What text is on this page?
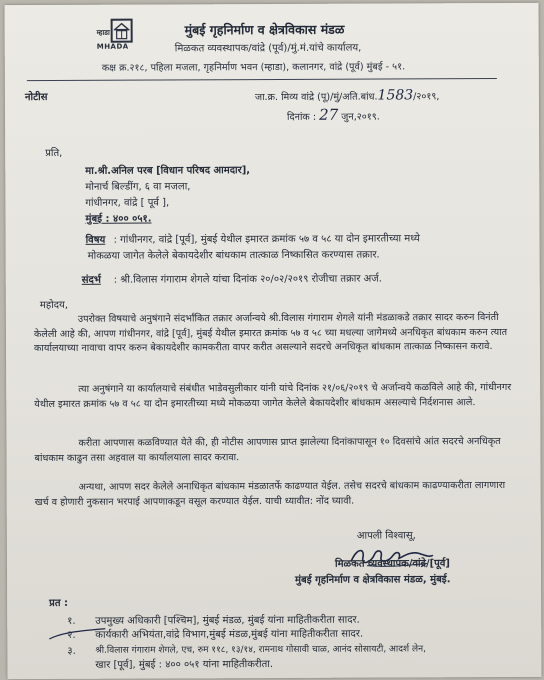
म्हाडा
MHADA
मुंबई गृहनिर्माण व क्षेत्रविकास मंडळ
मिळकत व्यवस्थापक/वांद्रे (पूर्व)/मुं.मं.यांचे कार्यालय,
कक्ष क्र.२१८, पहिला मजला, गृहनिर्माण भवन (म्हाडा), कलानगर, वांद्रे (पूर्व) मुंबई - ५१.
नोटीस	जा.क्र. मिव्य वांद्रे (पू)/मुं/अति.बांध.1583/२०१९,
दिनांक : 27 जुन,२०१९.
प्रति,
मा.श्री.अनिल परब [विधान परिषद आमदार],
मोनार्च बिल्डींग, ६ वा मजला,
गांधीनगर, वांद्रे [ पूर्व ],
मुंबई : ४०० ०५१.
विषय : गांधीनगर, वांद्रे [पूर्व], मुंबई येथील इमारत क्रमांक ५७ व ५८ या दोन इमारतीच्या मध्ये
मोकळया जागेत केलेले बेकायदेशीर बांधकाम तात्काळ निष्कासित करण्यास तक्रार.
संदर्भ : श्री.विलास गंगाराम शेगले यांचा दिनांक २०/०२/२०१९ रोजीचा तक्रार अर्ज.
महोदय,
उपरोक्त विषयाचे अनुषंगाने संदर्भांकित तक्रार अर्जान्वये श्री.विलास गंगाराम शेगले यांनी मंडळाकडे तक्रार सादर करुन विनंती केलेली आहे की, आपण गांधीनगर, वांद्रे [पूर्व], मुंबई येथील इमारत क्रमांक ५७ व ५८ च्या मधल्या जागेमध्ये अनधिकृत बांधकाम करुन त्यात कार्यालयाच्या नावाचा वापर करुन बेकायदेशीर कामकरीता वापर करीत असल्याने सदरचे अनधिकृत बांधकाम तात्काळ निष्कासन करावे.
त्या अनुषंगाने या कार्यालयाचे संबंधीत भाडेवसुलीकार यांनी यांचे दिनांक २१/०६/२०१९ चे अर्जान्वये कळविले आहे की, गांधीनगर येथील इमारत क्रमांक ५७ व ५८ या दोन इमारतीच्या मध्ये मोकळया जागेत केलेले बेकायदेशीर बांधकाम असल्याचे निर्दशनास आले.
करीता आपणास कळविण्यात येते की, ही नोटीस आपणास प्राप्त झालेल्या दिनांकापासून १० दिवसांचे आंत सदरचे अनधिकृत बांधकाम काढुन तसा अहवाल या कार्यालयाला सादर करावा.
अन्यथा, आपण सदर केलेले अनाधिकृत बांधकाम मंडळातर्फे काढण्यात येईल. तसेच सदरचे बांधकाम काढण्याकरीता लागणारा खर्च व होणारी नुकसान भरपाई आपणाकडून वसूल करण्यात येईल. याची ध्यावीत: नोंद घ्यावी.
आपली विश्वासू,
मिळकत व्यवस्थापक/वांद्रे/[पूर्व]
मुंबई गृहनिर्माण व क्षेत्रविकास मंडळ, मुंबई.
प्रत :
१. उपमुख्य अधिकारी [पश्चिम], मुंबई मंडळ, मुंबई यांना माहितीकरीता सादर.
२. कार्यकारी अभियंता,वांद्रे विभाग,मुंबई मंडळ,मुंबई यांना माहितीकरीता सादर.
३. श्री.विलास गंगाराम शेगले, एच, रुम ११८, १३/१४, रामनाथ गोसावी चाळ, आनंद सोसायटी, आदर्श लेन,
खार [पूर्व], मुंबई : ४०० ०५१ यांना माहितीकरीता.
